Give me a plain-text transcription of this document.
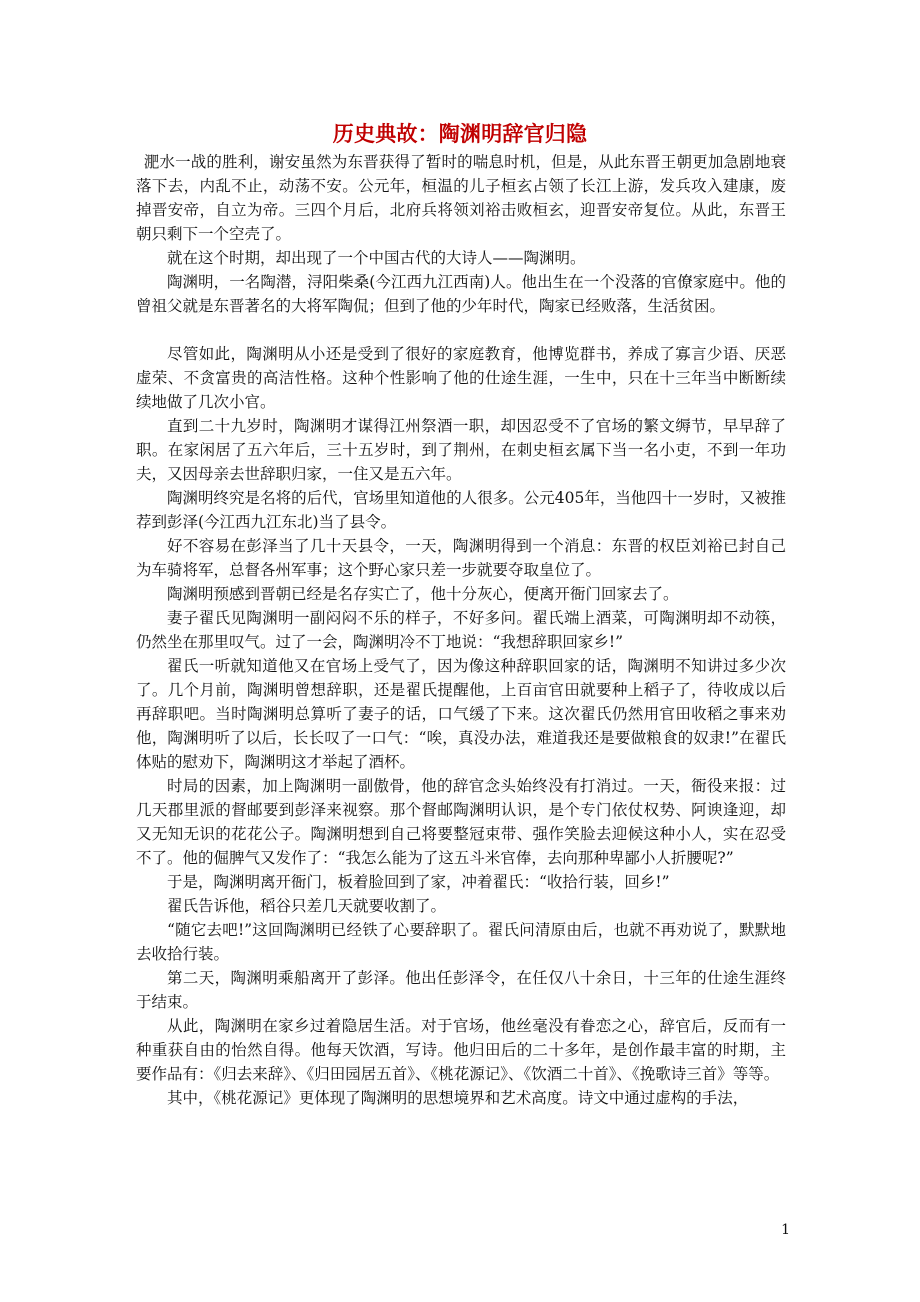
历史典故：陶渊明辞官归隐

淝水一战的胜利，谢安虽然为东晋获得了暂时的喘息时机，但是，从此东晋王朝更加急剧地衰落下去，内乱不止，动荡不安。公元年，桓温的儿子桓玄占领了长江上游，发兵攻入建康，废掉晋安帝，自立为帝。三四个月后，北府兵将领刘裕击败桓玄，迎晋安帝复位。从此，东晋王朝只剩下一个空壳了。

就在这个时期，却出现了一个中国古代的大诗人——陶渊明。

陶渊明，一名陶潜，浔阳柴桑(今江西九江西南)人。他出生在一个没落的官僚家庭中。他的曾祖父就是东晋著名的大将军陶侃；但到了他的少年时代，陶家已经败落，生活贫困。

尽管如此，陶渊明从小还是受到了很好的家庭教育，他博览群书，养成了寡言少语、厌恶虚荣、不贪富贵的高洁性格。这种个性影响了他的仕途生涯，一生中，只在十三年当中断断续续地做了几次小官。

直到二十九岁时，陶渊明才谋得江州祭酒一职，却因忍受不了官场的繁文缛节，早早辞了职。在家闲居了五六年后，三十五岁时，到了荆州，在刺史桓玄属下当一名小吏，不到一年功夫，又因母亲去世辞职归家，一住又是五六年。

陶渊明终究是名将的后代，官场里知道他的人很多。公元405年，当他四十一岁时，又被推荐到彭泽(今江西九江东北)当了县令。

好不容易在彭泽当了几十天县令，一天，陶渊明得到一个消息：东晋的权臣刘裕已封自己为车骑将军，总督各州军事；这个野心家只差一步就要夺取皇位了。

陶渊明预感到晋朝已经是名存实亡了，他十分灰心，便离开衙门回家去了。

妻子翟氏见陶渊明一副闷闷不乐的样子，不好多问。翟氏端上酒菜，可陶渊明却不动筷，仍然坐在那里叹气。过了一会，陶渊明冷不丁地说：“我想辞职回家乡!”

翟氏一听就知道他又在官场上受气了，因为像这种辞职回家的话，陶渊明不知讲过多少次了。几个月前，陶渊明曾想辞职，还是翟氏提醒他，上百亩官田就要种上稻子了，待收成以后再辞职吧。当时陶渊明总算听了妻子的话，口气缓了下来。这次翟氏仍然用官田收稻之事来劝他，陶渊明听了以后，长长叹了一口气：“唉，真没办法，难道我还是要做粮食的奴隶!”在翟氏体贴的慰劝下，陶渊明这才举起了酒杯。

时局的因素，加上陶渊明一副傲骨，他的辞官念头始终没有打消过。一天，衙役来报：过几天郡里派的督邮要到彭泽来视察。那个督邮陶渊明认识，是个专门依仗权势、阿谀逢迎，却又无知无识的花花公子。陶渊明想到自己将要整冠束带、强作笑脸去迎候这种小人，实在忍受不了。他的倔脾气又发作了：“我怎么能为了这五斗米官俸，去向那种卑鄙小人折腰呢?”

于是，陶渊明离开衙门，板着脸回到了家，冲着翟氏：“收拾行装，回乡!”

翟氏告诉他，稻谷只差几天就要收割了。

“随它去吧!”这回陶渊明已经铁了心要辞职了。翟氏问清原由后，也就不再劝说了，默默地去收拾行装。

第二天，陶渊明乘船离开了彭泽。他出任彭泽令，在任仅八十余日，十三年的仕途生涯终于结束。

从此，陶渊明在家乡过着隐居生活。对于官场，他丝毫没有眷恋之心，辞官后，反而有一种重获自由的怡然自得。他每天饮酒，写诗。他归田后的二十多年，是创作最丰富的时期，主要作品有：《归去来辞》、《归田园居五首》、《桃花源记》、《饮酒二十首》、《挽歌诗三首》等等。

其中，《桃花源记》更体现了陶渊明的思想境界和艺术高度。诗文中通过虚构的手法，

1
